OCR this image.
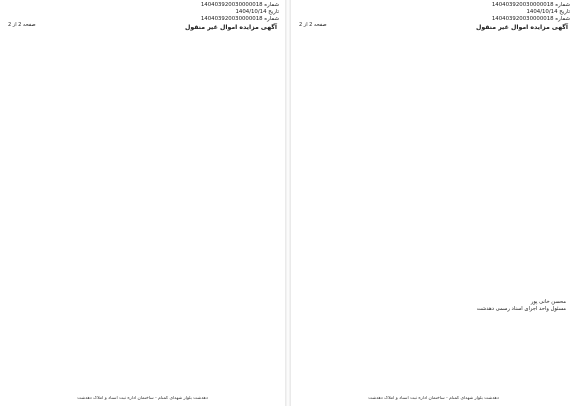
شماره 140403920030000018
تاریخ 1404/10/14
شماره 140403920030000018
صفحه 2 از 2	آگهی مزایده اموال غیر منقول
دهدشت بلوار شهدای گمنام - ساختمان اداره ثبت اسناد و املاک دهدشت
شماره 140403920030000018
تاریخ 1404/10/14
شماره 140403920030000018
صفحه 2 از 2	آگهی مزایده اموال غیر منقول
محسن خانی پور
مسئول واحد اجرای اسناد رسمی دهدشت
دهدشت بلوار شهدای گمنام - ساختمان اداره ثبت اسناد و املاک دهدشت
